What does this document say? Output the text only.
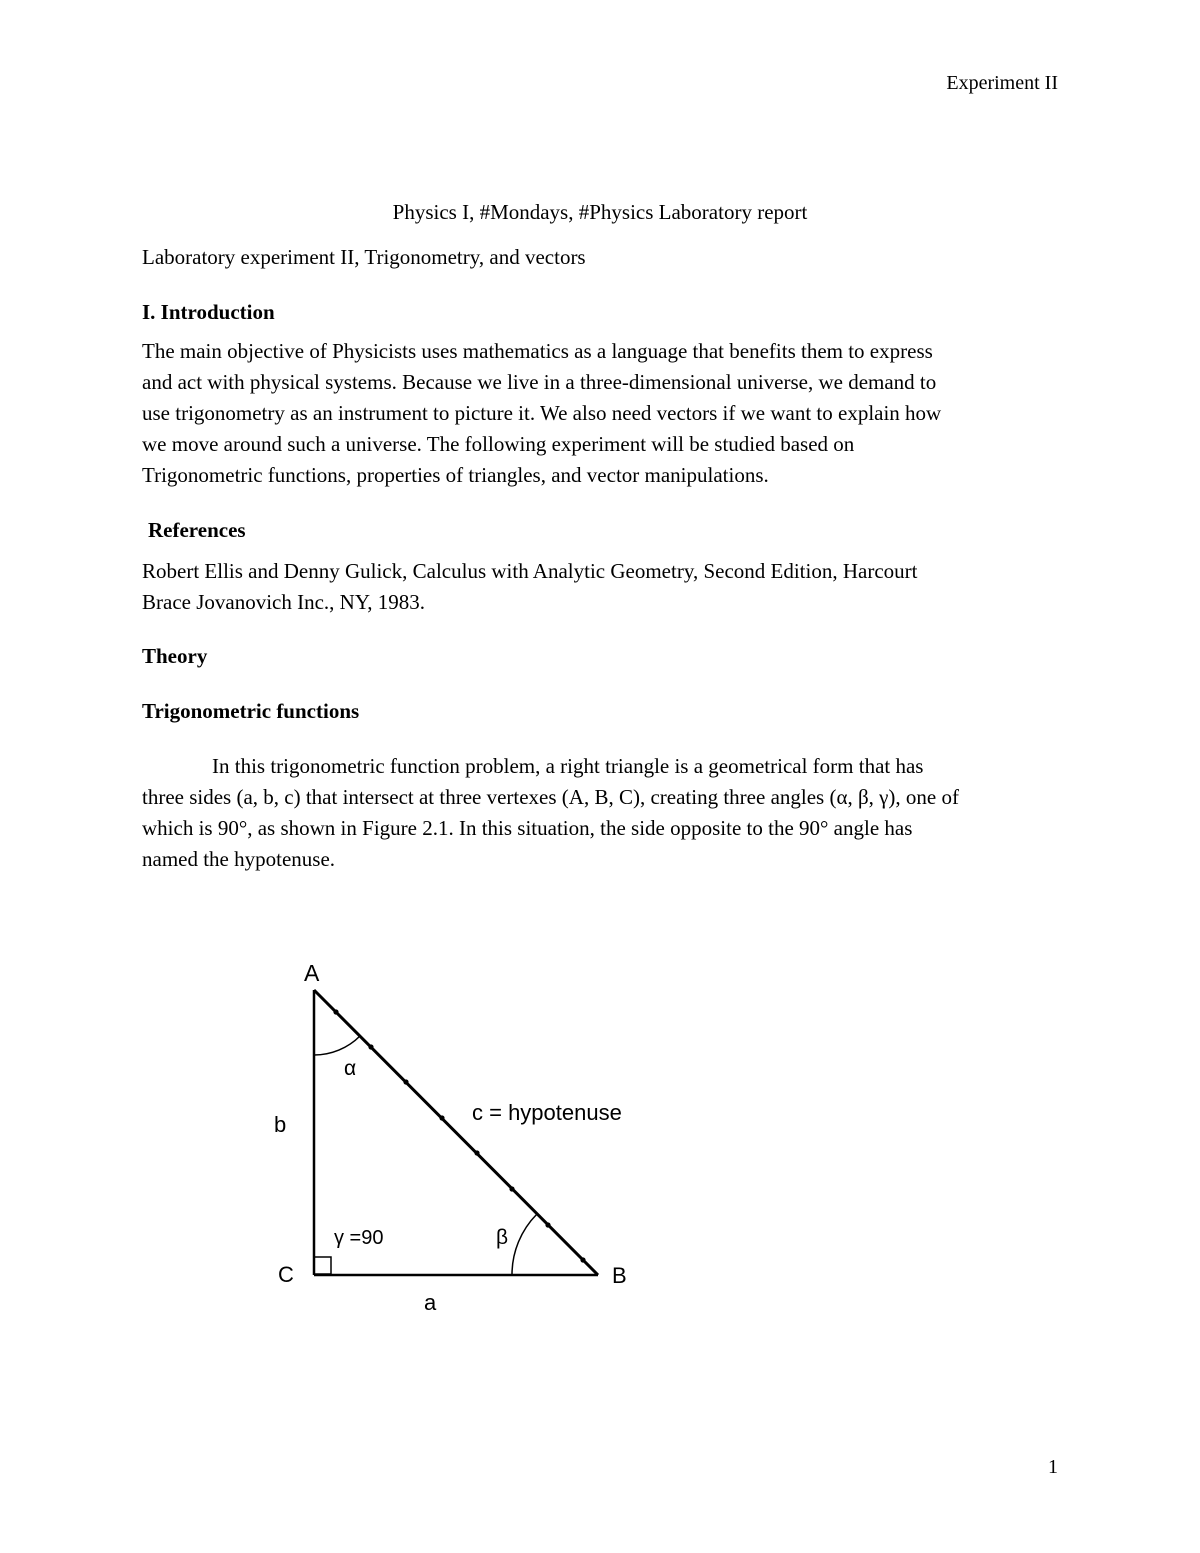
Experiment II
Physics I, #Mondays, #Physics Laboratory report
Laboratory experiment II, Trigonometry, and vectors
I. Introduction
The main objective of Physicists uses mathematics as a language that benefits them to express
and act with physical systems. Because we live in a three-dimensional universe, we demand to
use trigonometry as an instrument to picture it. We also need vectors if we want to explain how
we move around such a universe. The following experiment will be studied based on
Trigonometric functions, properties of triangles, and vector manipulations.
References
Robert Ellis and Denny Gulick, Calculus with Analytic Geometry, Second Edition, Harcourt
Brace Jovanovich Inc., NY, 1983.
Theory
Trigonometric functions
In this trigonometric function problem, a right triangle is a geometrical form that has
three sides (a, b, c) that intersect at three vertexes (A, B, C), creating three angles (α, β, γ), one of
which is 90°, as shown in Figure 2.1. In this situation, the side opposite to the 90° angle has
named the hypotenuse.
A
B
C
a
b	c = hypotenuse
α
β
γ =90
1
